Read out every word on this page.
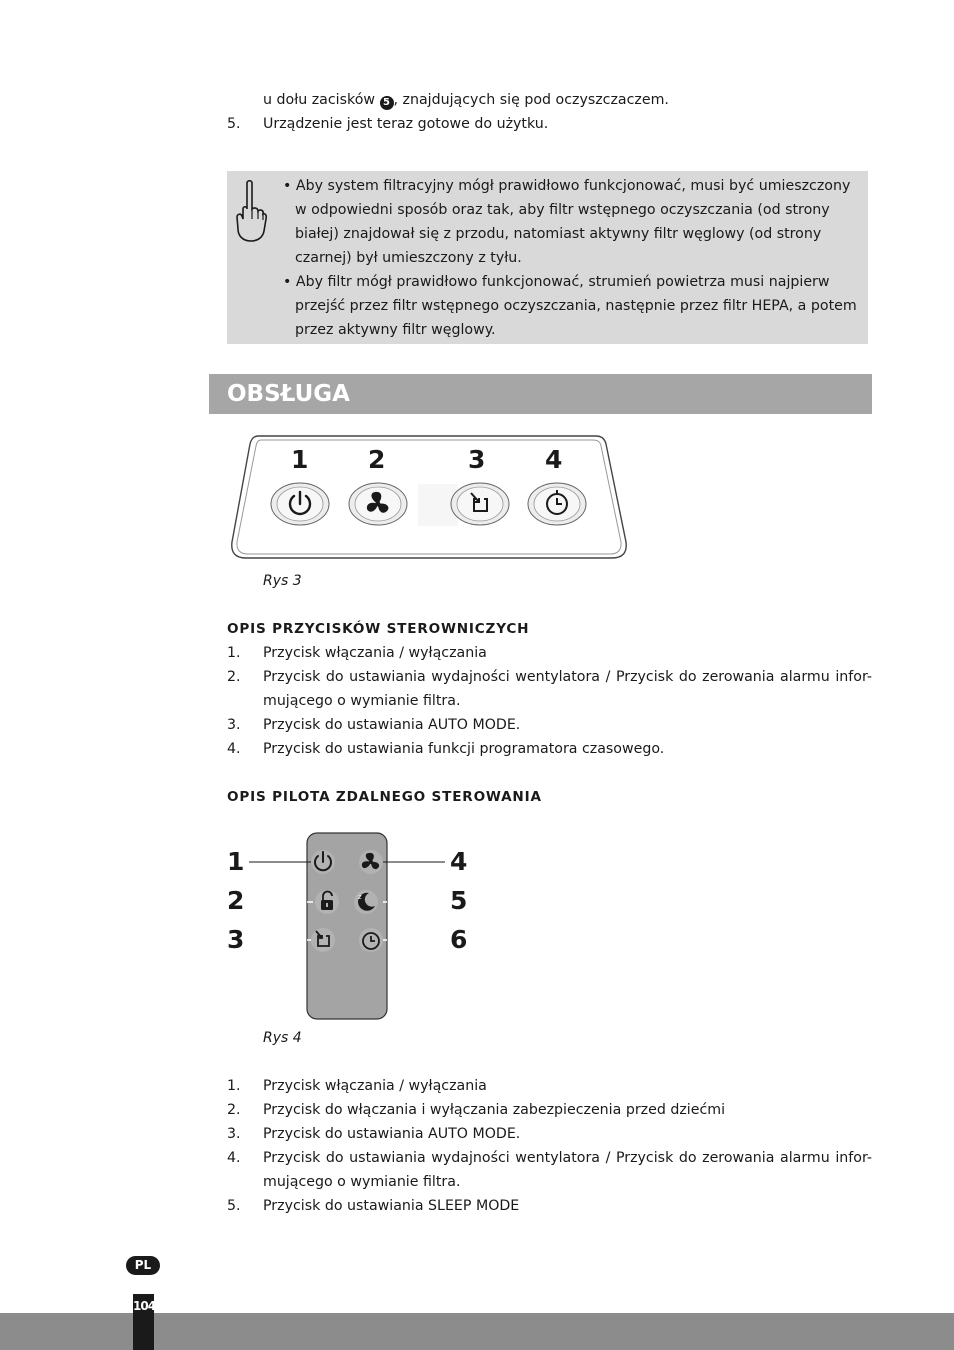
u dołu zacisków 5 , znajdujących się pod oczyszczaczem.
5. Urządzenie jest teraz gotowe do użytku.
• Aby system filtracyjny mógł prawidłowo funkcjonować, musi być umieszczony
w odpowiedni sposób oraz tak, aby filtr wstępnego oczyszczania (od strony
białej) znajdował się z przodu, natomiast aktywny filtr węglowy (od strony
czarnej) był umieszczony z tyłu.
• Aby filtr mógł prawidłowo funkcjonować, strumień powietrza musi najpierw
przejść przez filtr wstępnego oczyszczania, następnie przez filtr HEPA, a potem
przez aktywny filtr węglowy.
OBSŁUGA
1 2	3 4
Rys 3
OPIS PRZYCISKÓW STEROWNICZYCH
1. Przycisk włączania / wyłączania
2. Przycisk do ustawiania wydajności wentylatora / Przycisk do zerowania alarmu infor-
mującego o wymianie filtra.
3. Przycisk do ustawiania AUTO MODE.
4. Przycisk do ustawiania funkcji programatora czasowego.
OPIS PILOTA ZDALNEGO STEROWANIA
z
1
2
3
4
5
6
Rys 4
1. Przycisk włączania / wyłączania
2. Przycisk do włączania i wyłączania zabezpieczenia przed dziećmi
3. Przycisk do ustawiania AUTO MODE.
4. Przycisk do ustawiania wydajności wentylatora / Przycisk do zerowania alarmu infor-
mującego o wymianie filtra.
5. Przycisk do ustawiania SLEEP MODE
PL
104
